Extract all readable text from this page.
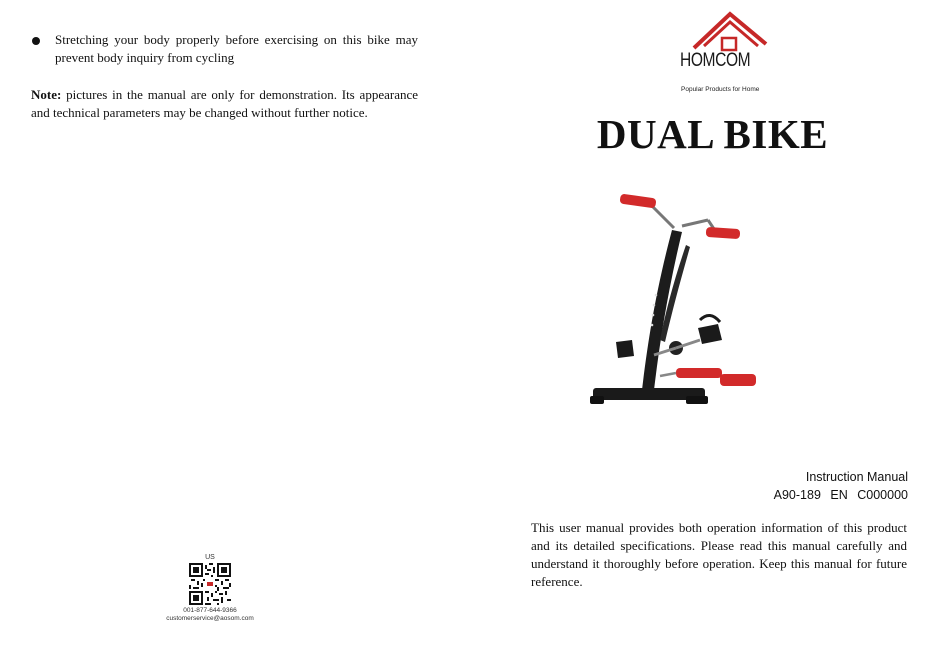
Stretching your body properly before exercising on this bike may prevent body inquiry from cycling
Note: pictures in the manual are only for demonstration. Its appearance and technical parameters may be changed without further notice.
US
001-877-644-9366
customerservice@aosom.com
HOMCOM
Popular Products for Home
DUAL BIKE
Instruction Manual
A90-189 EN C000000
This user manual provides both operation information of this product and its detailed specifications. Please read this manual carefully and understand it thoroughly before operation. Keep this manual for future reference.
